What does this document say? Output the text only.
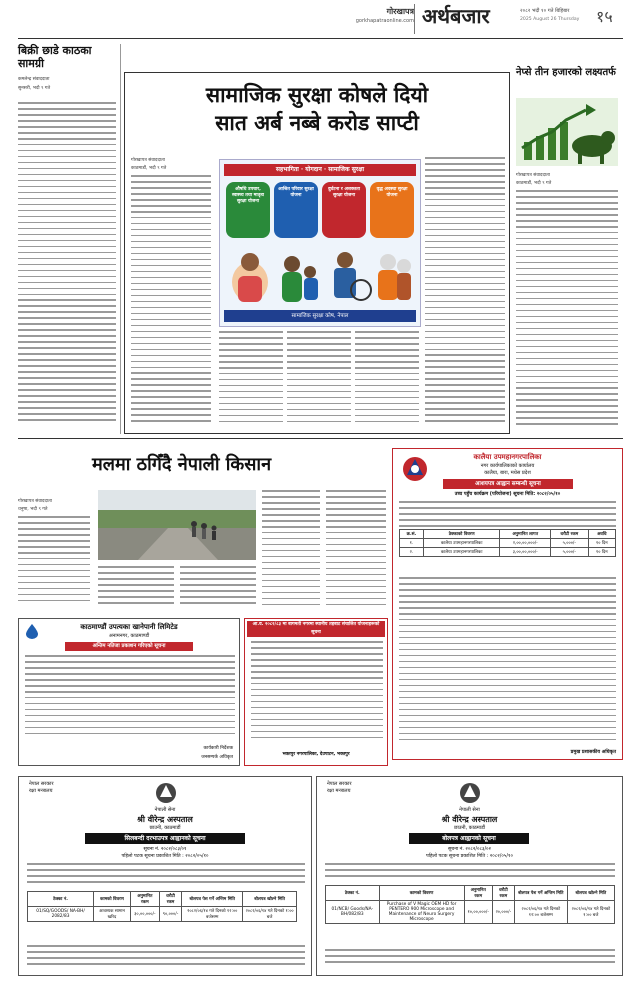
गोरखापत्र
gorkhapatraonline.com अर्थबजार	२०८२ भदौ १० गते बिहिबार
2025 August 26 Thursday १५
बिक्री छाडे काठका सामग्री
कमलेन्द्र संवाददाता
सुनसरी, भदौ ९ गते	सामाजिक सुरक्षा कोषले दियो
सात अर्ब नब्बे करोड साप्टी
गोरखापत्र संवाददाता
काठमाडौं, भदौ ९ गते	सहभागिता · योगदान · सामाजिक सुरक्षा
औषधि उपचार, स्वास्थ्य तथा मातृत्व सुरक्षा योजना
आश्रित परिवार सुरक्षा योजना
दुर्घटना र अशक्तता सुरक्षा योजना
वृद्ध अवस्था सुरक्षा योजना
सामाजिक सुरक्षा कोष, नेपाल
नेप्से तीन हजारको लक्ष्यतर्फ
गोरखापत्र संवाददाता
काठमाडौं, भदौ ९ गते
मलमा ठगिँदै नेपाली किसान
गोरखापत्र संवाददाता
धनुषा, भदौ ९ गते
कालैया उपमहानगरपालिका
नगर कार्यपालिकाको कार्यालय
कालैया, बारा, मधेस प्रदेश
आशयपत्र आह्वान सम्बन्धी सूचना
उच्च पहुँच कार्यक्रम (परियोजना) सूचना मिति: २०८२/०५/१०
क्र.सं.	ठेक्काको विवरण	अनुमानित लागत	धरौटी रकम	अवधि
१.	कालैया उपमहानगरपालिका	२,००,००,०००/-	५,०००/-	१० दिन
२.	कालैया उपमहानगरपालिका	३,००,००,०००/-	५,०००/-	१० दिन
प्रमुख प्रशासकीय अधिकृत
काठमाण्डौं उपत्यका खानेपानी लिमिटेड
अनामनगर, काठमाण्डौं
अन्तिम नतिजा प्रकाशन गरिएको सूचना
कार्यकारी निर्देशक
जनसम्पर्क अधिकृत
आ.व. २०८२/८३ मा बागमती नगरमा स्थानीय तहबाट संचालित योजनाहरूको सूचना
भक्तपुर नगरपालिका, देउपाटन, भक्तपुर
नेपाल सरकार
रक्षा मन्त्रालय
नेपाली सेना
श्री वीरेन्द्र अस्पताल
छाउनी, काठमाडौं
सिलबन्दी दरभाउपत्र आह्वानको सूचना
सूचना नं. २०८२/०८३/०१
पहिलो पटक सूचना प्रकाशित मिति : २०८२/०५/१०
ठेक्का नं.	कामको विवरण	अनुमानित रकम	धरौटी रकम	बोलपत्र पेश गर्ने अन्तिम मिति	बोलपत्र खोल्ने मिति
01/SQ/GOODS/ NA-BH/ 2082/83	आवश्यक सामान खरिद	३०,००,०००/-	९०,०००/-	२०८२/०६/१४ गते दिनको १२:०० बजेसम्म	२०८२/०६/१४ गते दिनको १:०० बजे
नेपाल सरकार
रक्षा मन्त्रालय
नेपाली सेना
श्री वीरेन्द्र अस्पताल
छाउनी, काठमाडौं
बोलपत्र आह्वानको सूचना
सूचना नं. २०८२/०८३/०२
पहिलो पटक सूचना प्रकाशित मिति : २०८२/०५/१०
ठेक्का नं.	कामको विवरण	अनुमानित रकम	धरौटी रकम	बोलपत्र पेश गर्ने अन्तिम मिति	बोलपत्र खोल्ने मिति
01/NCB/ Goods/NA-BH/082/83	Purchase of V Magic OEM HD for PENTERO 900 Microscope and Maintenance of Neuro Surgery Microscope	१०,००,०००/-	२०,०००/-	२०८२/०६/१४ गते दिनको १२:०० बजेसम्म	२०८२/०६/१४ गते दिनको १:०० बजे
